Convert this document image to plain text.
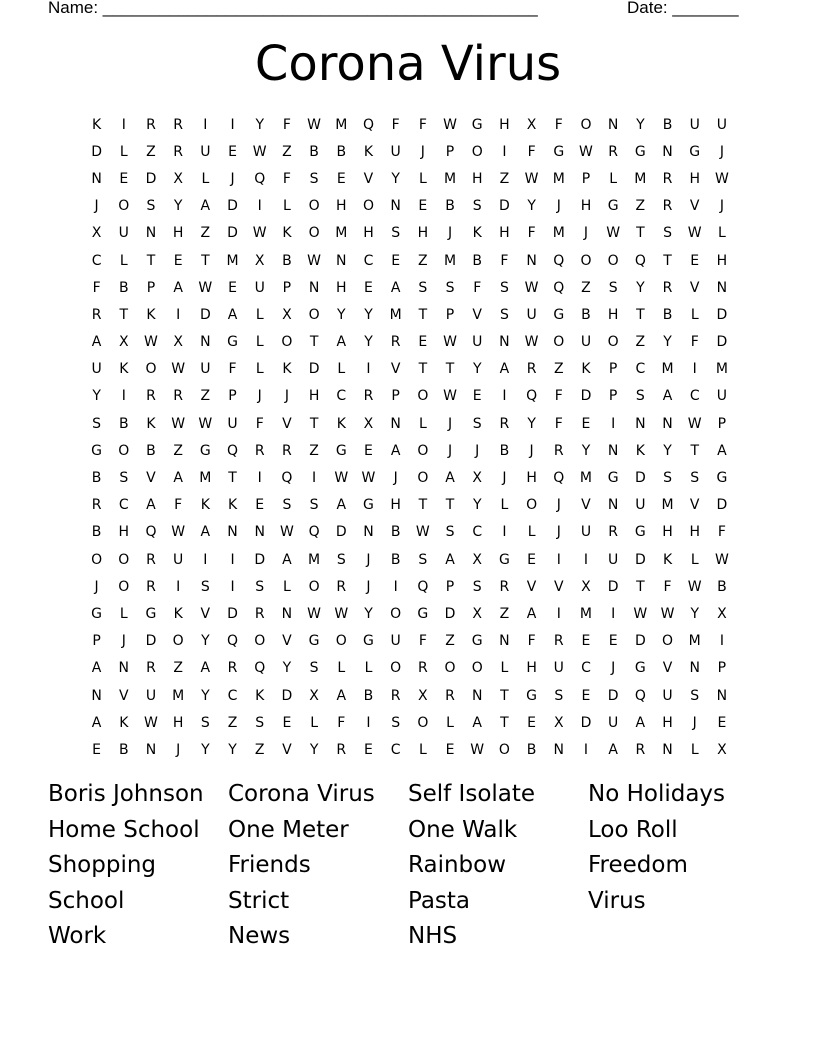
Name: ______________________________________________	Date: _______
Corona Virus
K	I	R	R	I	I	Y	F	W	M	Q	F	F	W	G	H	X	F	O	N	Y	B	U	U
D	L	Z	R	U	E	W	Z	B	B	K	U	J	P	O	I	F	G	W	R	G	N	G	J
N	E	D	X	L	J	Q	F	S	E	V	Y	L	M	H	Z	W	M	P	L	M	R	H	W
J	O	S	Y	A	D	I	L	O	H	O	N	E	B	S	D	Y	J	H	G	Z	R	V	J
X	U	N	H	Z	D	W	K	O	M	H	S	H	J	K	H	F	M	J	W	T	S	W	L
C	L	T	E	T	M	X	B	W	N	C	E	Z	M	B	F	N	Q	O	O	Q	T	E	H
F	B	P	A	W	E	U	P	N	H	E	A	S	S	F	S	W	Q	Z	S	Y	R	V	N
R	T	K	I	D	A	L	X	O	Y	Y	M	T	P	V	S	U	G	B	H	T	B	L	D
A	X	W	X	N	G	L	O	T	A	Y	R	E	W	U	N	W	O	U	O	Z	Y	F	D
U	K	O	W	U	F	L	K	D	L	I	V	T	T	Y	A	R	Z	K	P	C	M	I	M
Y	I	R	R	Z	P	J	J	H	C	R	P	O	W	E	I	Q	F	D	P	S	A	C	U
S	B	K	W W	U	F	V	T	K	X	N	L	J	S	R	Y	F	E	I	N	N	W	P
G	O	B	Z	G	Q	R	R	Z	G	E	A	O	J	J	B	J	R	Y	N	K	Y	T	A
B	S	V	A	M	T	I	Q	I	W W	J	O	A	X	J	H	Q	M	G	D	S	S	G
R	C	A	F	K	K	E	S	S	A	G	H	T	T	Y	L	O	J	V	N	U	M	V	D
B	H	Q	W	A	N	N	W	Q	D	N	B	W	S	C	I	L	J	U	R	G	H	H	F
O	O	R	U	I	I	D	A	M	S	J	B	S	A	X	G	E	I	I	U	D	K	L	W
J	O	R	I	S	I	S	L	O	R	J	I	Q	P	S	R	V	V	X	D	T	F	W	B
G	L	G	K	V	D	R	N	W W	Y	O	G	D	X	Z	A	I	M	I	W W	Y	X
P	J	D	O	Y	Q	O	V	G	O	G	U	F	Z	G	N	F	R	E	E	D	O	M	I
A	N	R	Z	A	R	Q	Y	S	L	L	O	R	O	O	L	H	U	C	J	G	V	N	P
N	V	U	M	Y	C	K	D	X	A	B	R	X	R	N	T	G	S	E	D	Q	U	S	N
A	K	W	H	S	Z	S	E	L	F	I	S	O	L	A	T	E	X	D	U	A	H	J	E
E	B	N	J	Y	Y	Z	V	Y	R	E	C	L	E	W	O	B	N	I	A	R	N	L	X
Boris Johnson	Corona Virus	Self Isolate	No Holidays
Home School	One Meter	One Walk	Loo Roll
Shopping	Friends	Rainbow	Freedom
School	Strict	Pasta	Virus
Work	News	NHS
